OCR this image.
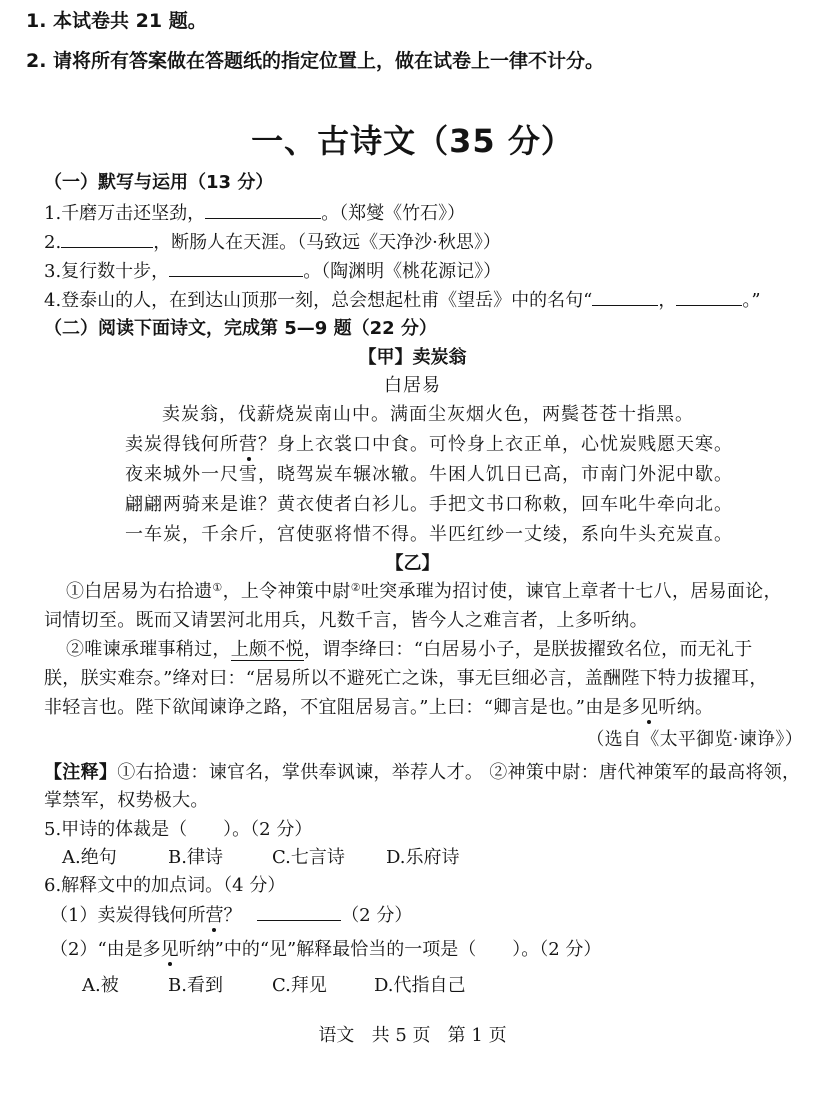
1. 本试卷共 21 题。
2. 请将所有答案做在答题纸的指定位置上，做在试卷上一律不计分。
一、古诗文（35 分）
（一）默写与运用（13 分）
1.千磨万击还坚劲，	。（郑燮《竹石》）
2.	，断肠人在天涯。（马致远《天净沙·秋思》）
3.复行数十步，	。（陶渊明《桃花源记》）
4.登泰山的人，在到达山顶那一刻，总会想起杜甫《望岳》中的名句“	，	。”
（二）阅读下面诗文，完成第 5—9 题（22 分）
【甲】卖炭翁
白居易
卖炭翁，伐薪烧炭南山中。满面尘灰烟火色，两鬓苍苍十指黑。
卖炭得钱何所营？身上衣裳口中食。可怜身上衣正单，心忧炭贱愿天寒。
夜来城外一尺雪，晓驾炭车辗冰辙。牛困人饥日已高，市南门外泥中歇。
翩翩两骑来是谁？黄衣使者白衫儿。手把文书口称敕，回车叱牛牵向北。
一车炭，千余斤，宫使驱将惜不得。半匹红纱一丈绫，系向牛头充炭直。
【乙】
①白居易为右拾遗①，上令神策中尉②吐突承璀为招讨使，谏官上章者十七八，居易面论，
词情切至。既而又请罢河北用兵，凡数千言，皆今人之难言者，上多听纳。
②唯谏承璀事稍过，上颇不悦，谓李绛曰：“白居易小子，是朕拔擢致名位，而无礼于
朕，朕实难奈。”绛对曰：“居易所以不避死亡之诛，事无巨细必言，盖酬陛下特力拔擢耳，
非轻言也。陛下欲闻谏诤之路，不宜阻居易言。”上曰：“卿言是也。”由是多见听纳。
（选自《太平御览·谏诤》）
【注释】①右拾遗：谏官名，掌供奉讽谏，举荐人才。 ②神策中尉：唐代神策军的最高将领，
掌禁军，权势极大。
5.甲诗的体裁是（　　）。（2 分）
A.绝句	B.律诗	C.七言诗 D.乐府诗
6.解释文中的加点词。（4 分）
（1）卖炭得钱何所营？	（2 分）
（2）“由是多见听纳”中的“见”解释最恰当的一项是（　　）。（2 分）
A.被	B.看到	C.拜见	D.代指自己
语文 共 5 页 第 1 页
